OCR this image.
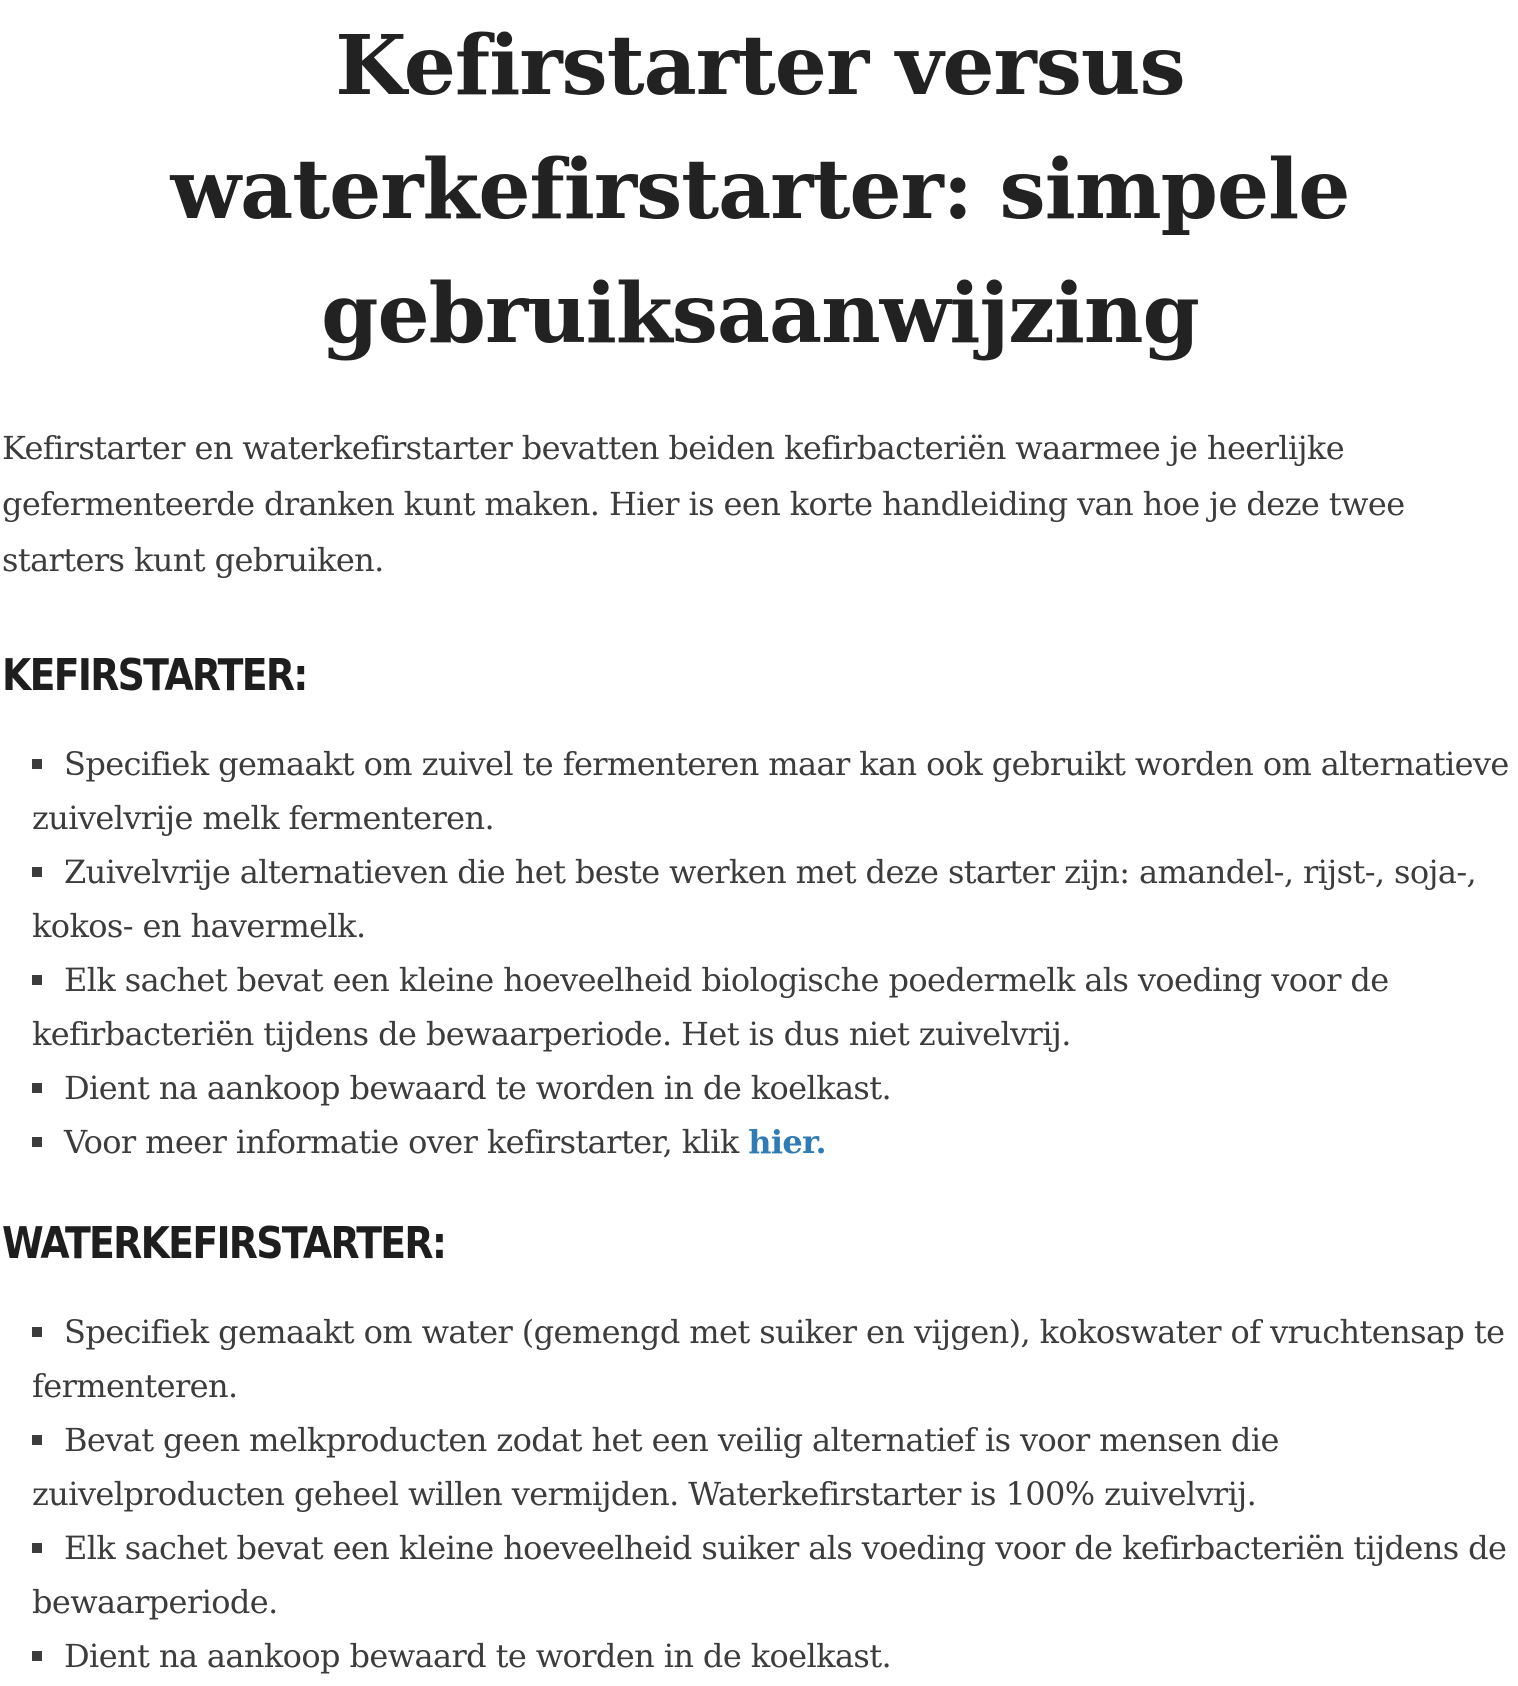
Kefirstarter versus waterkefirstarter: simpele gebruiksaanwijzing

Kefirstarter en waterkefirstarter bevatten beiden kefirbacteriën waarmee je heerlijke gefermenteerde dranken kunt maken. Hier is een korte handleiding van hoe je deze twee starters kunt gebruiken.

KEFIRSTARTER:
Specifiek gemaakt om zuivel te fermenteren maar kan ook gebruikt worden om alternatieve zuivelvrije melk fermenteren.
Zuivelvrije alternatieven die het beste werken met deze starter zijn: amandel-, rijst-, soja-, kokos- en havermelk.
Elk sachet bevat een kleine hoeveelheid biologische poedermelk als voeding voor de kefirbacteriën tijdens de bewaarperiode. Het is dus niet zuivelvrij.
Dient na aankoop bewaard te worden in de koelkast.
Voor meer informatie over kefirstarter, klik hier.
WATERKEFIRSTARTER:
Specifiek gemaakt om water (gemengd met suiker en vijgen), kokoswater of vruchtensap te fermenteren.
Bevat geen melkproducten zodat het een veilig alternatief is voor mensen die zuivelproducten geheel willen vermijden. Waterkefirstarter is 100% zuivelvrij.
Elk sachet bevat een kleine hoeveelheid suiker als voeding voor de kefirbacteriën tijdens de bewaarperiode.
Dient na aankoop bewaard te worden in de koelkast.
